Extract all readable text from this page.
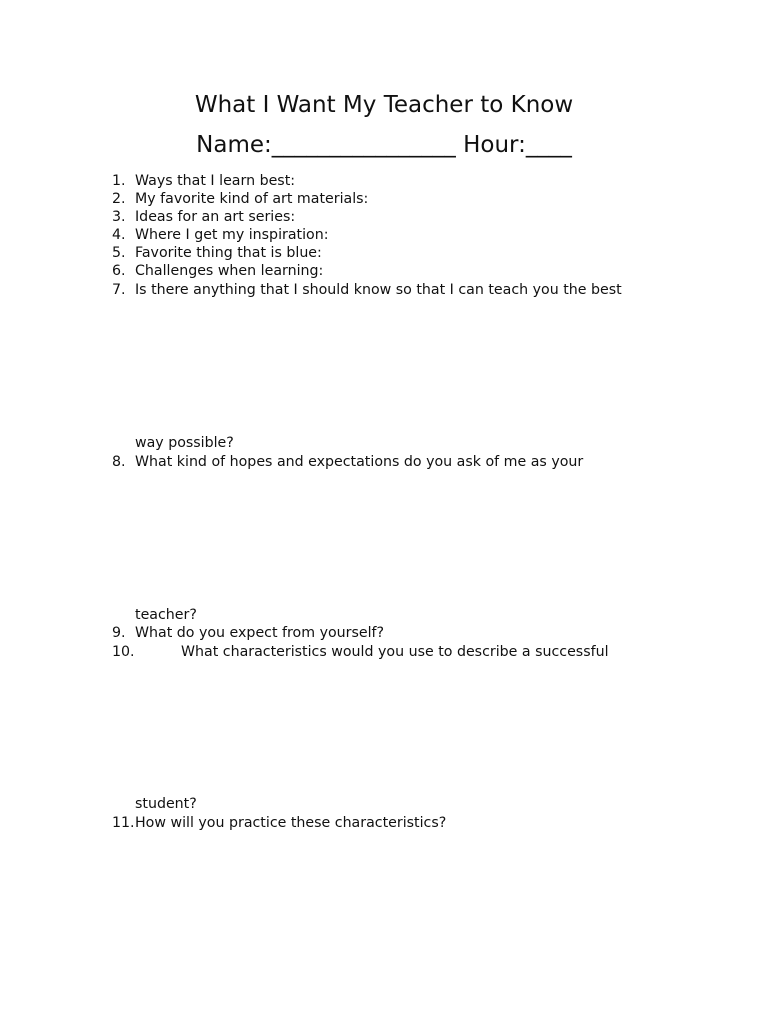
What I Want My Teacher to Know
Name:________________ Hour:____
1. Ways that I learn best:
2. My favorite kind of art materials:
3. Ideas for an art series:
4. Where I get my inspiration:
5. Favorite thing that is blue:
6. Challenges when learning:
7. Is there anything that I should know so that I can teach you the best
way possible?
8. What kind of hopes and expectations do you ask of me as your
teacher?
9. What do you expect from yourself?
10.	What characteristics would you use to describe a successful
student?
11. How will you practice these characteristics?
